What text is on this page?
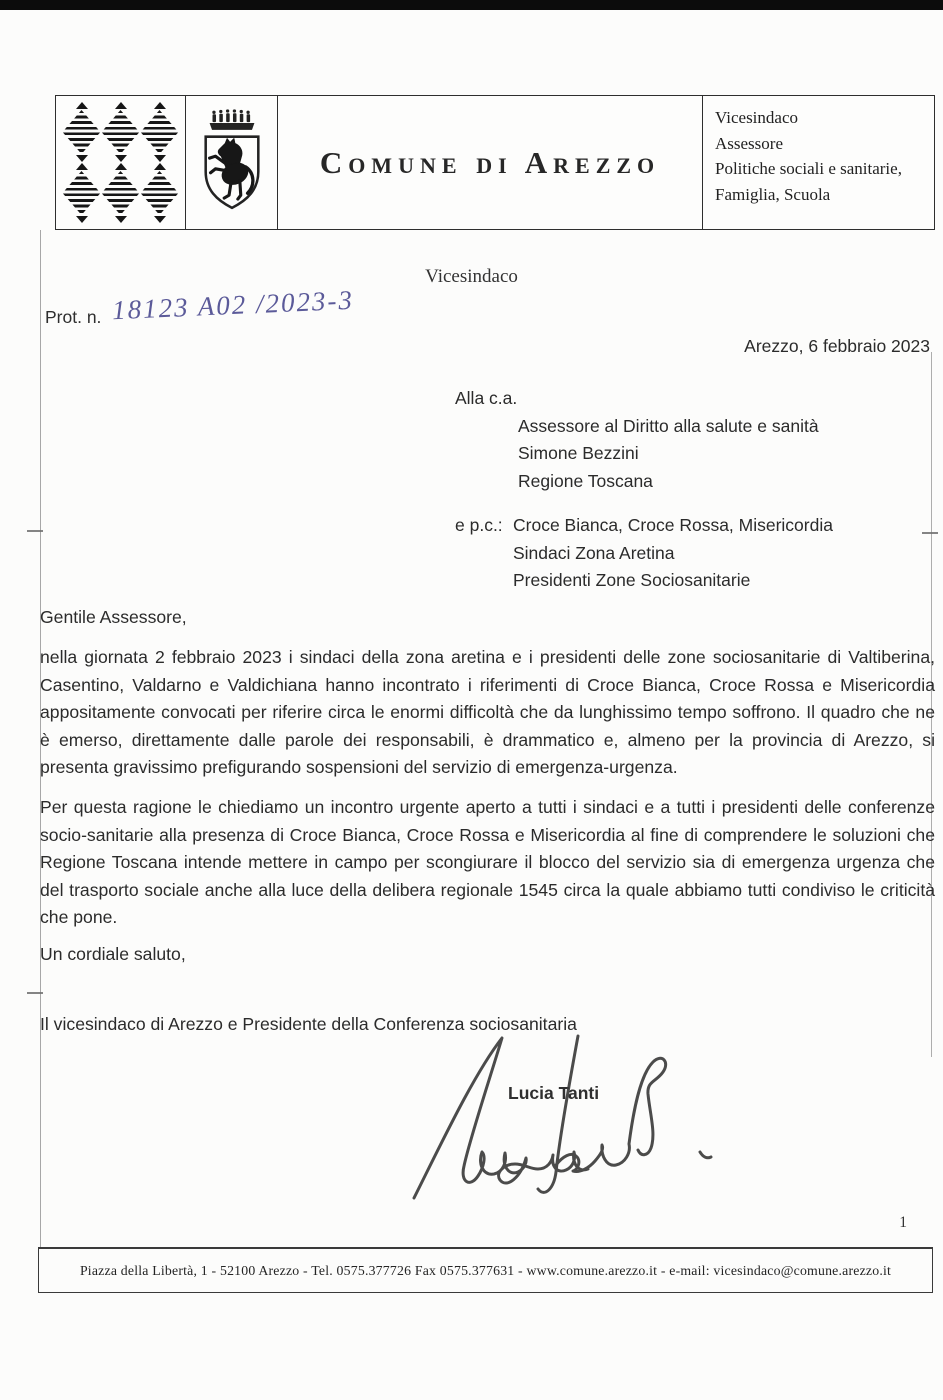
Comune di Arezzo
Vicesindaco
Assessore
Politiche sociali e sanitarie,
Famiglia, Scuola
Vicesindaco
Prot. n. 18123 A02 /2023-3
Arezzo, 6 febbraio 2023
Alla c.a.
Assessore al Diritto alla salute e sanità
Simone Bezzini
Regione Toscana
e p.c.: Croce Bianca, Croce Rossa, Misericordia
Sindaci Zona Aretina
Presidenti Zone Sociosanitarie
Gentile Assessore,
nella giornata 2 febbraio 2023 i sindaci della zona aretina e i presidenti delle zone sociosanitarie di Valtiberina, Casentino, Valdarno e Valdichiana hanno incontrato i riferimenti di Croce Bianca, Croce Rossa e Misericordia appositamente convocati per riferire circa le enormi difficoltà che da lunghissimo tempo soffrono. Il quadro che ne è emerso, direttamente dalle parole dei responsabili, è drammatico e, almeno per la provincia di Arezzo, si presenta gravissimo prefigurando sospensioni del servizio di emergenza-urgenza.
Per questa ragione le chiediamo un incontro urgente aperto a tutti i sindaci e a tutti i presidenti delle conferenze socio-sanitarie alla presenza di Croce Bianca, Croce Rossa e Misericordia al fine di comprendere le soluzioni che Regione Toscana intende mettere in campo per scongiurare il blocco del servizio sia di emergenza urgenza che del trasporto sociale anche alla luce della delibera regionale 1545 circa la quale abbiamo tutti condiviso le criticità che pone.
Un cordiale saluto,
Il vicesindaco di Arezzo e Presidente della Conferenza sociosanitaria
Lucia Tanti
1
Piazza della Libertà, 1 - 52100 Arezzo - Tel. 0575.377726 Fax 0575.377631 - www.comune.arezzo.it - e-mail: vicesindaco@comune.arezzo.it
